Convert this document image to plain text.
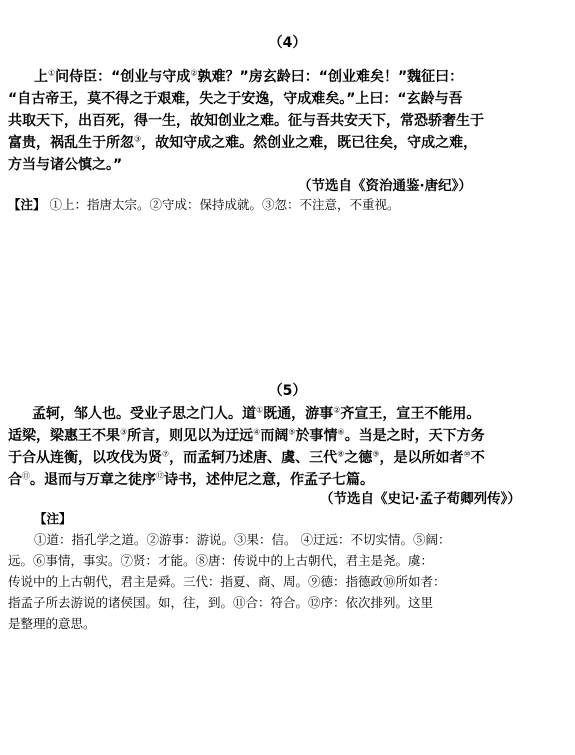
（4）

上①问侍臣：“创业与守成②孰难？”房玄龄曰：“创业难矣！”魏征曰：

“自古帝王，莫不得之于艰难，失之于安逸，守成难矣。”上曰：“玄龄与吾

共取天下，出百死，得一生，故知创业之难。征与吾共安天下，常恐骄奢生于

富贵，祸乱生于所忽③，故知守成之难。然创业之难，既已往矣，守成之难，

方当与诸公慎之。”

（节选自《资治通鉴·唐纪》）

【注】 ①上：指唐太宗。②守成：保持成就。③忽：不注意，不重视。

（5）

孟轲，邹人也。受业子思之门人。道①既通，游事②齐宣王，宣王不能用。

适梁，梁惠王不果③所言，则见以为迂远④而阔⑤於事情⑥。当是之时，天下方务

于合从连衡，以攻伐为贤⑦，而孟轲乃述唐、虞、三代⑧之德⑨，是以所如者⑩不

合⑪。退而与万章之徒序⑫诗书，述仲尼之意，作孟子七篇。

（节选自《史记·孟子荀卿列传》）

【注】

①道：指孔学之道。②游事：游说。③果：信。 ④迂远：不切实情。⑤阔：

远。⑥事情，事实。⑦贤：才能。⑧唐：传说中的上古朝代，君主是尧。虞：

传说中的上古朝代，君主是舜。三代：指夏、商、周。⑨德：指德政⑩所如者：

指孟子所去游说的诸侯国。如，往，到。⑪合：符合。⑫序：依次排列。这里

是整理的意思。
